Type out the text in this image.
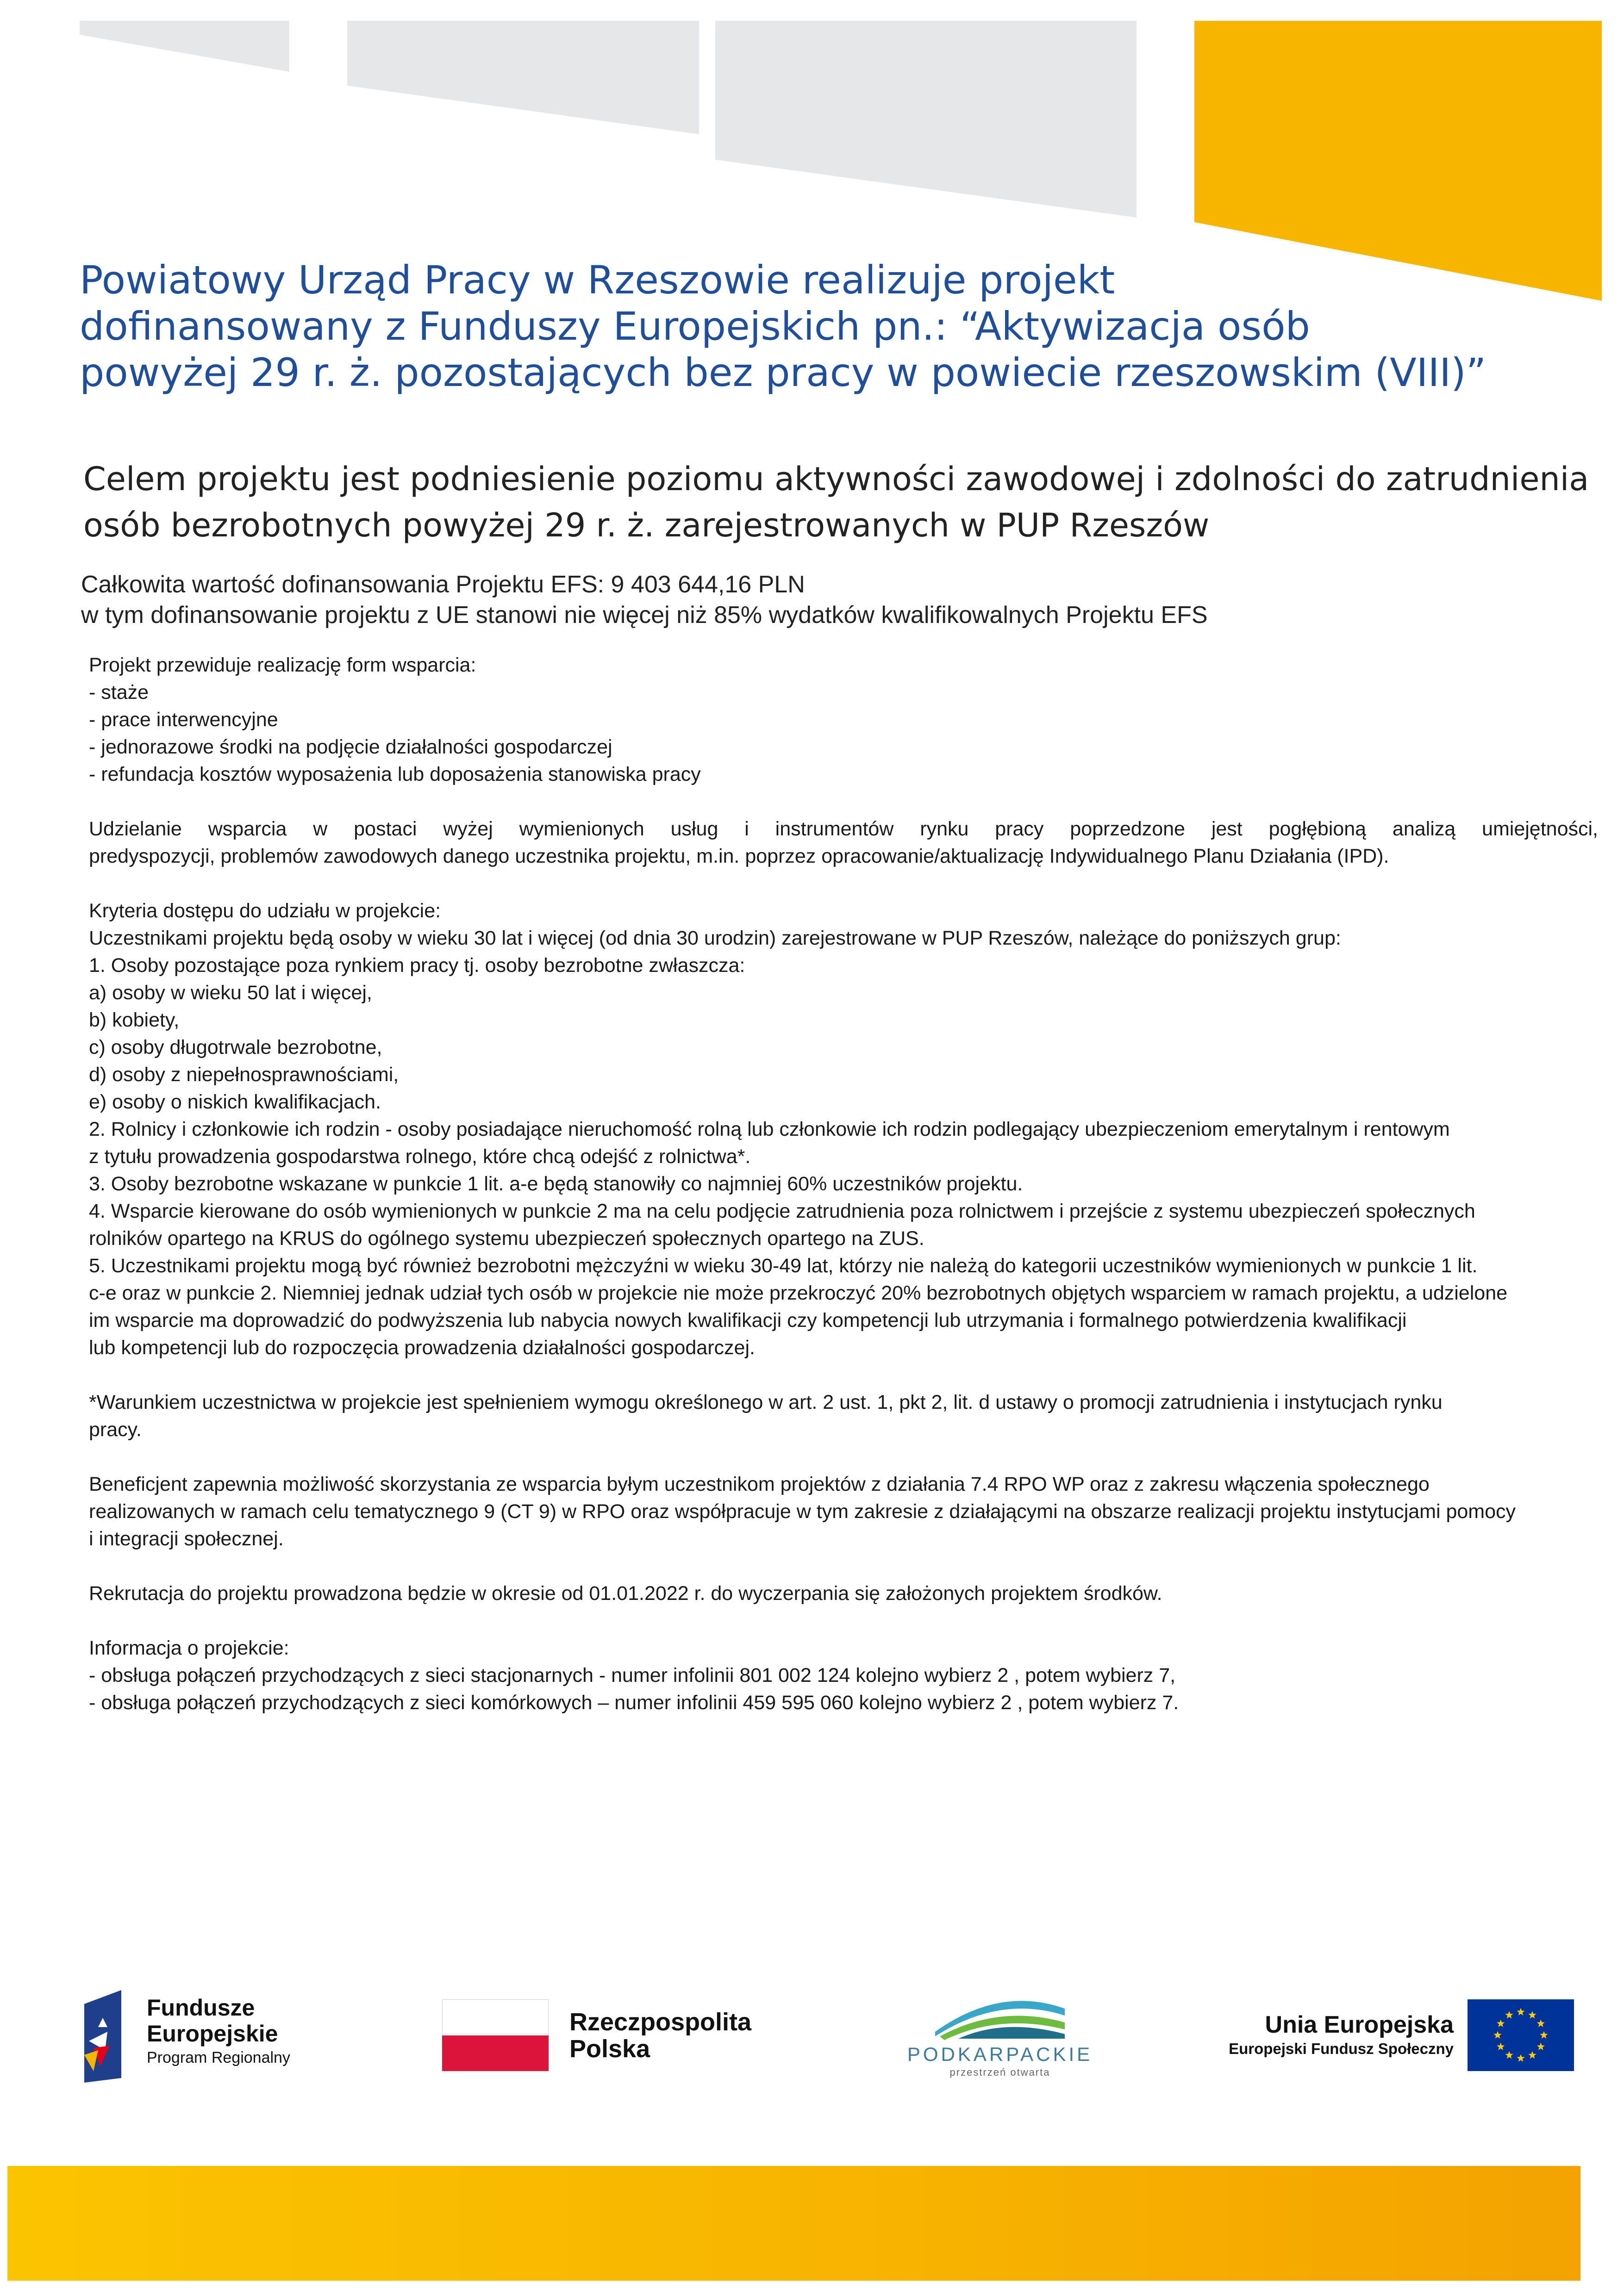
Powiatowy Urząd Pracy w Rzeszowie realizuje projekt
dofinansowany z Funduszy Europejskich pn.: “Aktywizacja osób
powyżej 29 r. ż. pozostających bez pracy w powiecie rzeszowskim (VIII)”
Celem projektu jest podniesienie poziomu aktywności zawodowej i zdolności do zatrudnienia
osób bezrobotnych powyżej 29 r. ż. zarejestrowanych w PUP Rzeszów
Całkowita wartość dofinansowania Projektu EFS: 9 403 644,16 PLN
w tym dofinansowanie projektu z UE stanowi nie więcej niż 85% wydatków kwalifikowalnych Projektu EFS
Projekt przewiduje realizację form wsparcia:
- staże
- prace interwencyjne
- jednorazowe środki na podjęcie działalności gospodarczej
- refundacja kosztów wyposażenia lub doposażenia stanowiska pracy
Udzielanie wsparcia w postaci wyżej wymienionych usług i instrumentów rynku pracy poprzedzone jest pogłębioną analizą umiejętności,
predyspozycji, problemów zawodowych danego uczestnika projektu, m.in. poprzez opracowanie/aktualizację Indywidualnego Planu Działania (IPD).
Kryteria dostępu do udziału w projekcie:
Uczestnikami projektu będą osoby w wieku 30 lat i więcej (od dnia 30 urodzin) zarejestrowane w PUP Rzeszów, należące do poniższych grup:
1. Osoby pozostające poza rynkiem pracy tj. osoby bezrobotne zwłaszcza:
a) osoby w wieku 50 lat i więcej,
b) kobiety,
c) osoby długotrwale bezrobotne,
d) osoby z niepełnosprawnościami,
e) osoby o niskich kwalifikacjach.
2. Rolnicy i członkowie ich rodzin - osoby posiadające nieruchomość rolną lub członkowie ich rodzin podlegający ubezpieczeniom emerytalnym i rentowym
z tytułu prowadzenia gospodarstwa rolnego, które chcą odejść z rolnictwa*.
3. Osoby bezrobotne wskazane w punkcie 1 lit. a-e będą stanowiły co najmniej 60% uczestników projektu.
4. Wsparcie kierowane do osób wymienionych w punkcie 2 ma na celu podjęcie zatrudnienia poza rolnictwem i przejście z systemu ubezpieczeń społecznych
rolników opartego na KRUS do ogólnego systemu ubezpieczeń społecznych opartego na ZUS.
5. Uczestnikami projektu mogą być również bezrobotni mężczyźni w wieku 30-49 lat, którzy nie należą do kategorii uczestników wymienionych w punkcie 1 lit.
c-e oraz w punkcie 2. Niemniej jednak udział tych osób w projekcie nie może przekroczyć 20% bezrobotnych objętych wsparciem w ramach projektu, a udzielone
im wsparcie ma doprowadzić do podwyższenia lub nabycia nowych kwalifikacji czy kompetencji lub utrzymania i formalnego potwierdzenia kwalifikacji
lub kompetencji lub do rozpoczęcia prowadzenia działalności gospodarczej.
*Warunkiem uczestnictwa w projekcie jest spełnieniem wymogu określonego w art. 2 ust. 1, pkt 2, lit. d ustawy o promocji zatrudnienia i instytucjach rynku
pracy.
Beneficjent zapewnia możliwość skorzystania ze wsparcia byłym uczestnikom projektów z działania 7.4 RPO WP oraz z zakresu włączenia społecznego
realizowanych w ramach celu tematycznego 9 (CT 9) w RPO oraz współpracuje w tym zakresie z działającymi na obszarze realizacji projektu instytucjami pomocy
i integracji społecznej.
Rekrutacja do projektu prowadzona będzie w okresie od 01.01.2022 r. do wyczerpania się założonych projektem środków.
Informacja o projekcie:
- obsługa połączeń przychodzących z sieci stacjonarnych - numer infolinii 801 002 124 kolejno wybierz 2 , potem wybierz 7,
- obsługa połączeń przychodzących z sieci komórkowych – numer infolinii 459 595 060 kolejno wybierz 2 , potem wybierz 7.
Fundusze
Europejskie
Program Regionalny
Rzeczpospolita
Polska	PODKARPACKIE
przestrzeń otwarta
Unia Europejska
Europejski Fundusz Społeczny
